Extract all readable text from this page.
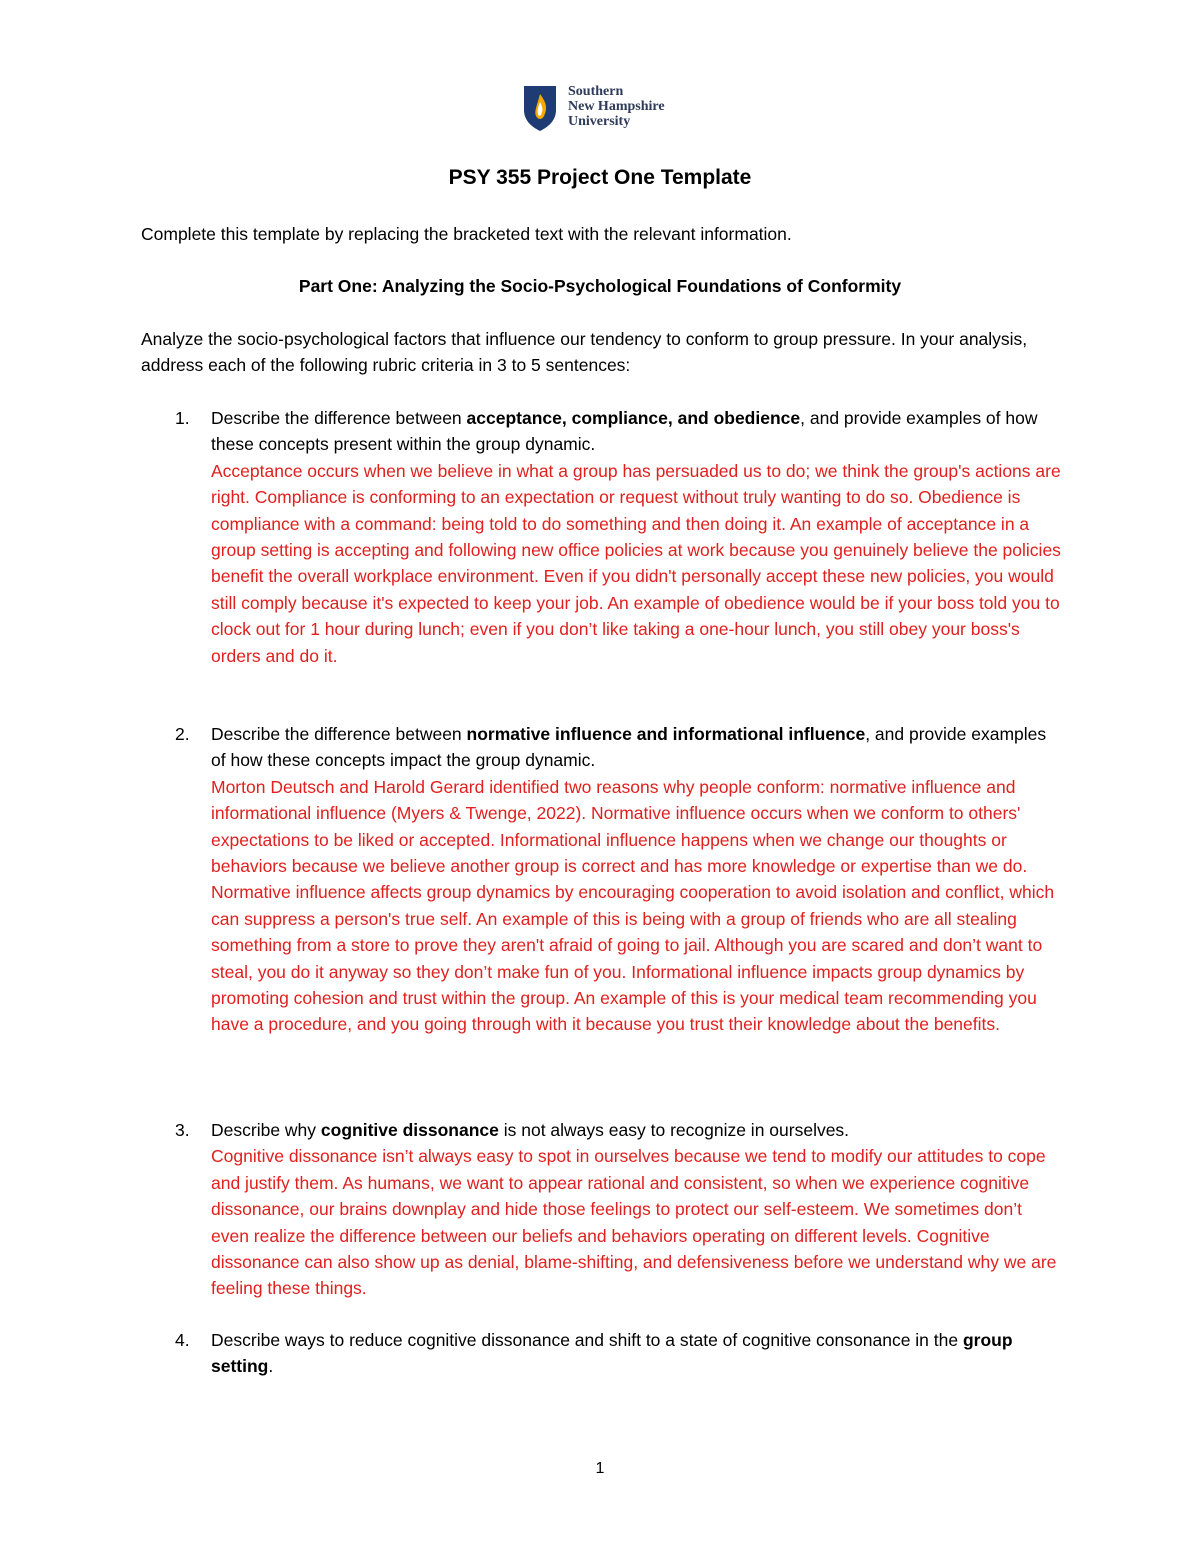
Southern
New Hampshire
University
PSY 355 Project One Template
Complete this template by replacing the bracketed text with the relevant information.
Part One: Analyzing the Socio-Psychological Foundations of Conformity
Analyze the socio-psychological factors that influence our tendency to conform to group pressure. In your analysis, address each of the following rubric criteria in 3 to 5 sentences:
1. Describe the difference between acceptance, compliance, and obedience, and provide examples of how these concepts present within the group dynamic.
Acceptance occurs when we believe in what a group has persuaded us to do; we think the group's actions are right. Compliance is conforming to an expectation or request without truly wanting to do so. Obedience is compliance with a command: being told to do something and then doing it. An example of acceptance in a group setting is accepting and following new office policies at work because you genuinely believe the policies benefit the overall workplace environment. Even if you didn't personally accept these new policies, you would still comply because it's expected to keep your job. An example of obedience would be if your boss told you to clock out for 1 hour during lunch; even if you don’t like taking a one-hour lunch, you still obey your boss's orders and do it.
2. Describe the difference between normative influence and informational influence, and provide examples of how these concepts impact the group dynamic.
Morton Deutsch and Harold Gerard identified two reasons why people conform: normative influence and informational influence (Myers & Twenge, 2022). Normative influence occurs when we conform to others' expectations to be liked or accepted. Informational influence happens when we change our thoughts or behaviors because we believe another group is correct and has more knowledge or expertise than we do. Normative influence affects group dynamics by encouraging cooperation to avoid isolation and conflict, which can suppress a person's true self. An example of this is being with a group of friends who are all stealing something from a store to prove they aren't afraid of going to jail. Although you are scared and don’t want to steal, you do it anyway so they don’t make fun of you. Informational influence impacts group dynamics by promoting cohesion and trust within the group. An example of this is your medical team recommending you have a procedure, and you going through with it because you trust their knowledge about the benefits.
3. Describe why cognitive dissonance is not always easy to recognize in ourselves.
Cognitive dissonance isn’t always easy to spot in ourselves because we tend to modify our attitudes to cope and justify them. As humans, we want to appear rational and consistent, so when we experience cognitive dissonance, our brains downplay and hide those feelings to protect our self-esteem. We sometimes don’t even realize the difference between our beliefs and behaviors operating on different levels. Cognitive dissonance can also show up as denial, blame-shifting, and defensiveness before we understand why we are feeling these things.
4. Describe ways to reduce cognitive dissonance and shift to a state of cognitive consonance in the group setting.
1
